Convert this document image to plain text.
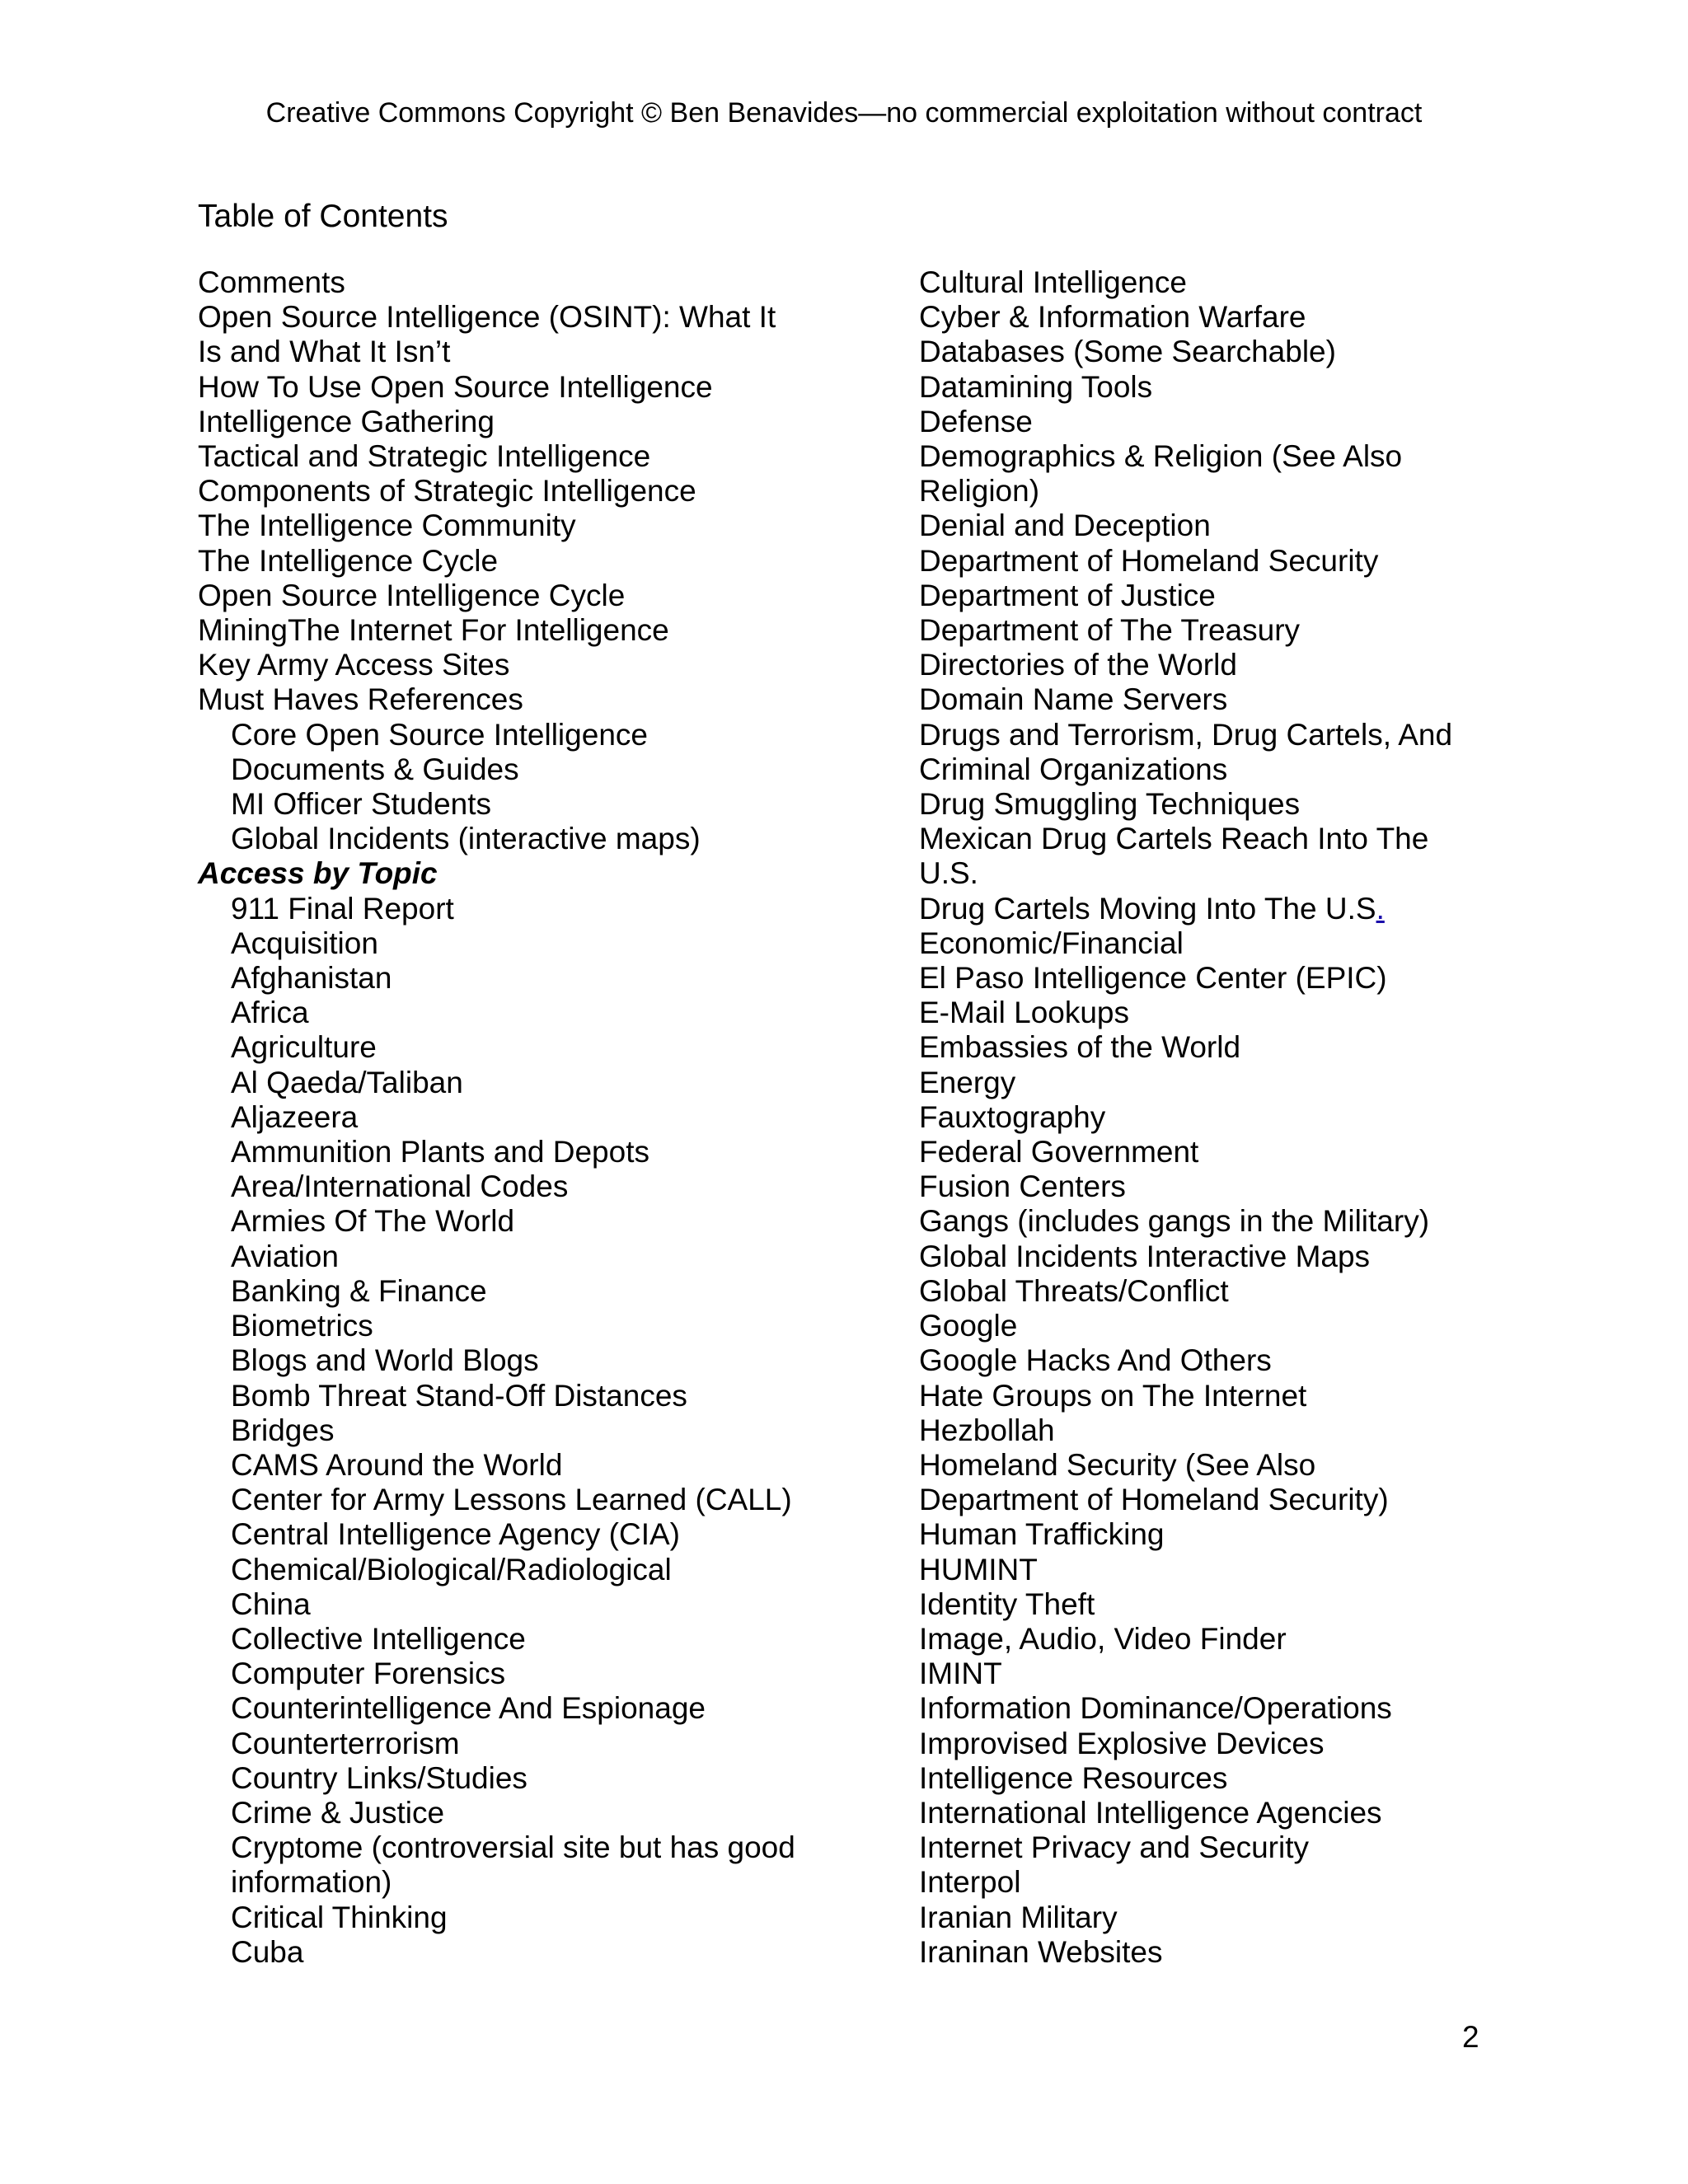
Creative Commons Copyright © Ben Benavides—no commercial exploitation without contract
Table of Contents
Comments
Open Source Intelligence (OSINT): What It
Is and What It Isn’t
How To Use Open Source Intelligence
Intelligence Gathering
Tactical and Strategic Intelligence
Components of Strategic Intelligence
The Intelligence Community
The Intelligence Cycle
Open Source Intelligence Cycle
MiningThe Internet For Intelligence
Key Army Access Sites
Must Haves References
Core Open Source Intelligence
Documents & Guides
MI Officer Students
Global Incidents (interactive maps)
Access by Topic
911 Final Report
Acquisition
Afghanistan
Africa
Agriculture
Al Qaeda/Taliban
Aljazeera
Ammunition Plants and Depots
Area/International Codes
Armies Of The World
Aviation
Banking & Finance
Biometrics
Blogs and World Blogs
Bomb Threat Stand-Off Distances
Bridges
CAMS Around the World
Center for Army Lessons Learned (CALL)
Central Intelligence Agency (CIA)
Chemical/Biological/Radiological
China
Collective Intelligence
Computer Forensics
Counterintelligence And Espionage
Counterterrorism
Country Links/Studies
Crime & Justice
Cryptome (controversial site but has good
information)
Critical Thinking
Cuba
Cultural Intelligence
Cyber & Information Warfare
Databases (Some Searchable)
Datamining Tools
Defense
Demographics & Religion (See Also
Religion)
Denial and Deception
Department of Homeland Security
Department of Justice
Department of The Treasury
Directories of the World
Domain Name Servers
Drugs and Terrorism, Drug Cartels, And
Criminal Organizations
Drug Smuggling Techniques
Mexican Drug Cartels Reach Into The
U.S.
Drug Cartels Moving Into The U.S.
Economic/Financial
El Paso Intelligence Center (EPIC)
E-Mail Lookups
Embassies of the World
Energy
Fauxtography
Federal Government
Fusion Centers
Gangs (includes gangs in the Military)
Global Incidents Interactive Maps
Global Threats/Conflict
Google
Google Hacks And Others
Hate Groups on The Internet
Hezbollah
Homeland Security (See Also
Department of Homeland Security)
Human Trafficking
HUMINT
Identity Theft
Image, Audio, Video Finder
IMINT
Information Dominance/Operations
Improvised Explosive Devices
Intelligence Resources
International Intelligence Agencies
Internet Privacy and Security
Interpol
Iranian Military
Iraninan Websites
2
